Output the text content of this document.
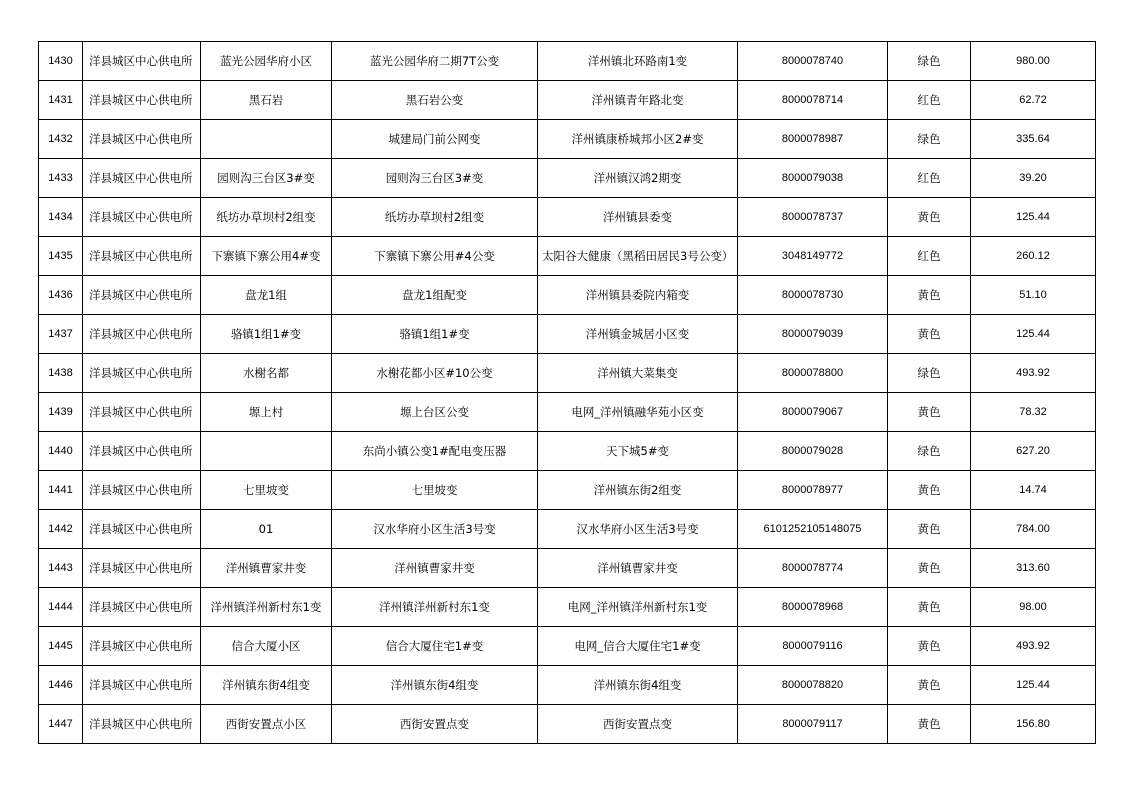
1430	洋县城区中心供电所	蓝光公园华府小区	蓝光公园华府二期7T公变	洋州镇北环路南1变	8000078740	绿色	980.00
1431	洋县城区中心供电所	黑石岩	黑石岩公变	洋州镇青年路北变	8000078714	红色	62.72
1432	洋县城区中心供电所		城建局门前公网变	洋州镇康桥城邦小区2#变	8000078987	绿色	335.64
1433	洋县城区中心供电所	园则沟三台区3#变	园则沟三台区3#变	洋州镇汉鸿2期变	8000079038	红色	39.20
1434	洋县城区中心供电所	纸坊办草坝村2组变	纸坊办草坝村2组变	洋州镇县委变	8000078737	黄色	125.44
1435	洋县城区中心供电所	下寨镇下寨公用4#变	下寨镇下寨公用#4公变	太阳谷大健康（黑稻田居民3号公变）	3048149772	红色	260.12
1436	洋县城区中心供电所	盘龙1组	盘龙1组配变	洋州镇县委院内箱变	8000078730	黄色	51.10
1437	洋县城区中心供电所	骆镇1组1#变	骆镇1组1#变	洋州镇金城居小区变	8000079039	黄色	125.44
1438	洋县城区中心供电所	水榭名都	水榭花都小区#10公变	洋州镇大菜集变	8000078800	绿色	493.92
1439	洋县城区中心供电所	塬上村	塬上台区公变	电网_洋州镇融华苑小区变	8000079067	黄色	78.32
1440	洋县城区中心供电所		东尚小镇公变1#配电变压器	天下城5#变	8000079028	绿色	627.20
1441	洋县城区中心供电所	七里坡变	七里坡变	洋州镇东街2组变	8000078977	黄色	14.74
1442	洋县城区中心供电所	01	汉水华府小区生活3号变	汉水华府小区生活3号变	6101252105148075	黄色	784.00
1443	洋县城区中心供电所	洋州镇曹家井变	洋州镇曹家井变	洋州镇曹家井变	8000078774	黄色	313.60
1444	洋县城区中心供电所	洋州镇洋州新村东1变	洋州镇洋州新村东1变	电网_洋州镇洋州新村东1变	8000078968	黄色	98.00
1445	洋县城区中心供电所	信合大厦小区	信合大厦住宅1#变	电网_信合大厦住宅1#变	8000079116	黄色	493.92
1446	洋县城区中心供电所	洋州镇东街4组变	洋州镇东街4组变	洋州镇东街4组变	8000078820	黄色	125.44
1447	洋县城区中心供电所	西街安置点小区	西街安置点变	西街安置点变	8000079117	黄色	156.80
